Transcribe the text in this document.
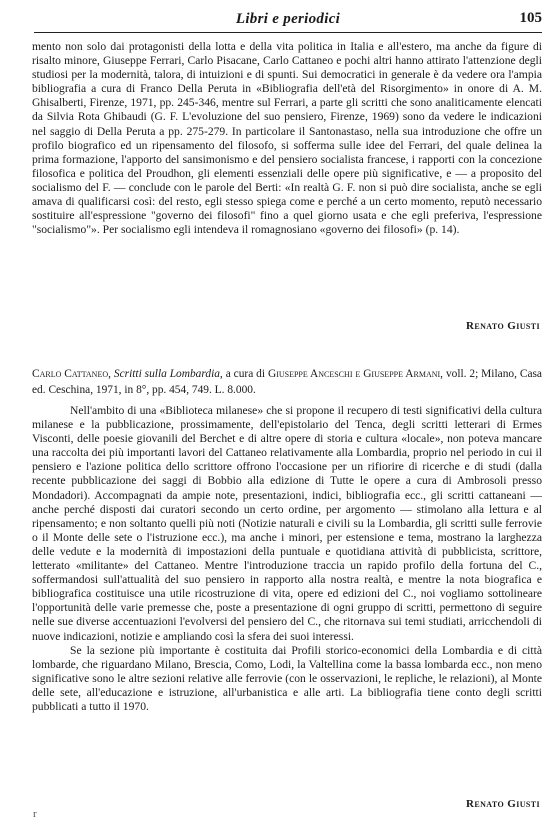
Libri e periodici	105

mento non solo dai protagonisti della lotta e della vita politica in Italia e all'estero, ma anche da figure di risalto minore, Giuseppe Ferrari, Carlo Pisacane, Carlo Cattaneo e pochi altri hanno attirato l'attenzione degli studiosi per la modernità, talora, di intuizioni e di spunti. Sui democratici in generale è da vedere ora l'ampia bibliografia a cura di Franco Della Peruta in «Bibliografia dell'età del Risorgimento» in onore di A. M. Ghisalberti, Firenze, 1971, pp. 245-346, mentre sul Ferrari, a parte gli scritti che sono analiticamente elencati da Silvia Rota Ghibaudi (G. F. L'evoluzione del suo pensiero, Firenze, 1969) sono da vedere le indicazioni nel saggio di Della Peruta a pp. 275-279. In particolare il Santonastaso, nella sua introduzione che offre un profilo biografico ed un ripensamento del filosofo, si sofferma sulle idee del Ferrari, del quale delinea la prima formazione, l'apporto del sansimonismo e del pensiero socialista francese, i rapporti con la concezione filosofica e politica del Proudhon, gli elementi essenziali delle opere più significative, e — a proposito del socialismo del F. — conclude con le parole del Berti: «In realtà G. F. non si può dire socialista, anche se egli amava di qualificarsi così: del resto, egli stesso spiega come e perché a un certo momento, reputò necessario sostituire all'espressione "governo dei filosofi" fino a quel giorno usata e che egli preferiva, l'espressione "socialismo"». Per socialismo egli intendeva il romagnosiano «governo dei filosofi» (p. 14).

Renato Giusti
Carlo Cattaneo, Scritti sulla Lombardia, a cura di Giuseppe Anceschi e Giuseppe Armani, voll. 2; Milano, Casa ed. Ceschina, 1971, in 8°, pp. 454, 749. L. 8.000.

Nell'ambito di una «Biblioteca milanese» che si propone il recupero di testi significativi della cultura milanese e la pubblicazione, prossimamente, dell'epistolario del Tenca, degli scritti letterari di Ermes Visconti, delle poesie giovanili del Berchet e di altre opere di storia e cultura «locale», non poteva mancare una raccolta dei più importanti lavori del Cattaneo relativamente alla Lombardia, proprio nel periodo in cui il pensiero e l'azione politica dello scrittore offrono l'occasione per un rifiorire di ricerche e di studi (dalla recente pubblicazione dei saggi di Bobbio alla edizione di Tutte le opere a cura di Ambrosoli presso Mondadori). Accompagnati da ampie note, presentazioni, indici, bibliografia ecc., gli scritti cattaneani — anche perché disposti dai curatori secondo un certo ordine, per argomento — stimolano alla lettura e al ripensamento; e non soltanto quelli più noti (Notizie naturali e civili su la Lombardia, gli scritti sulle ferrovie o il Monte delle sete o l'istruzione ecc.), ma anche i minori, per estensione e tema, mostrano la larghezza delle vedute e la modernità di impostazioni della puntuale e quotidiana attività di pubblicista, scrittore, letterato «militante» del Cattaneo. Mentre l'introduzione traccia un rapido profilo della fortuna del C., soffermandosi sull'attualità del suo pensiero in rapporto alla nostra realtà, e mentre la nota biografica e bibliografica costituisce una utile ricostruzione di vita, opere ed edizioni del C., noi vogliamo sottolineare l'opportunità delle varie premesse che, poste a presentazione di ogni gruppo di scritti, permettono di seguire nelle sue diverse accentuazioni l'evolversi del pensiero del C., che ritornava sui temi studiati, arricchendoli di nuove indicazioni, notizie e ampliando così la sfera dei suoi interessi.

Se la sezione più importante è costituita dai Profili storico-economici della Lombardia e di città lombarde, che riguardano Milano, Brescia, Como, Lodi, la Valtellina come la bassa lombarda ecc., non meno significative sono le altre sezioni relative alle ferrovie (con le osservazioni, le repliche, le relazioni), al Monte delle sete, all'educazione e istruzione, all'urbanistica e alle arti. La bibliografia tiene conto degli scritti pubblicati a tutto il 1970.

Renato Giusti
r
